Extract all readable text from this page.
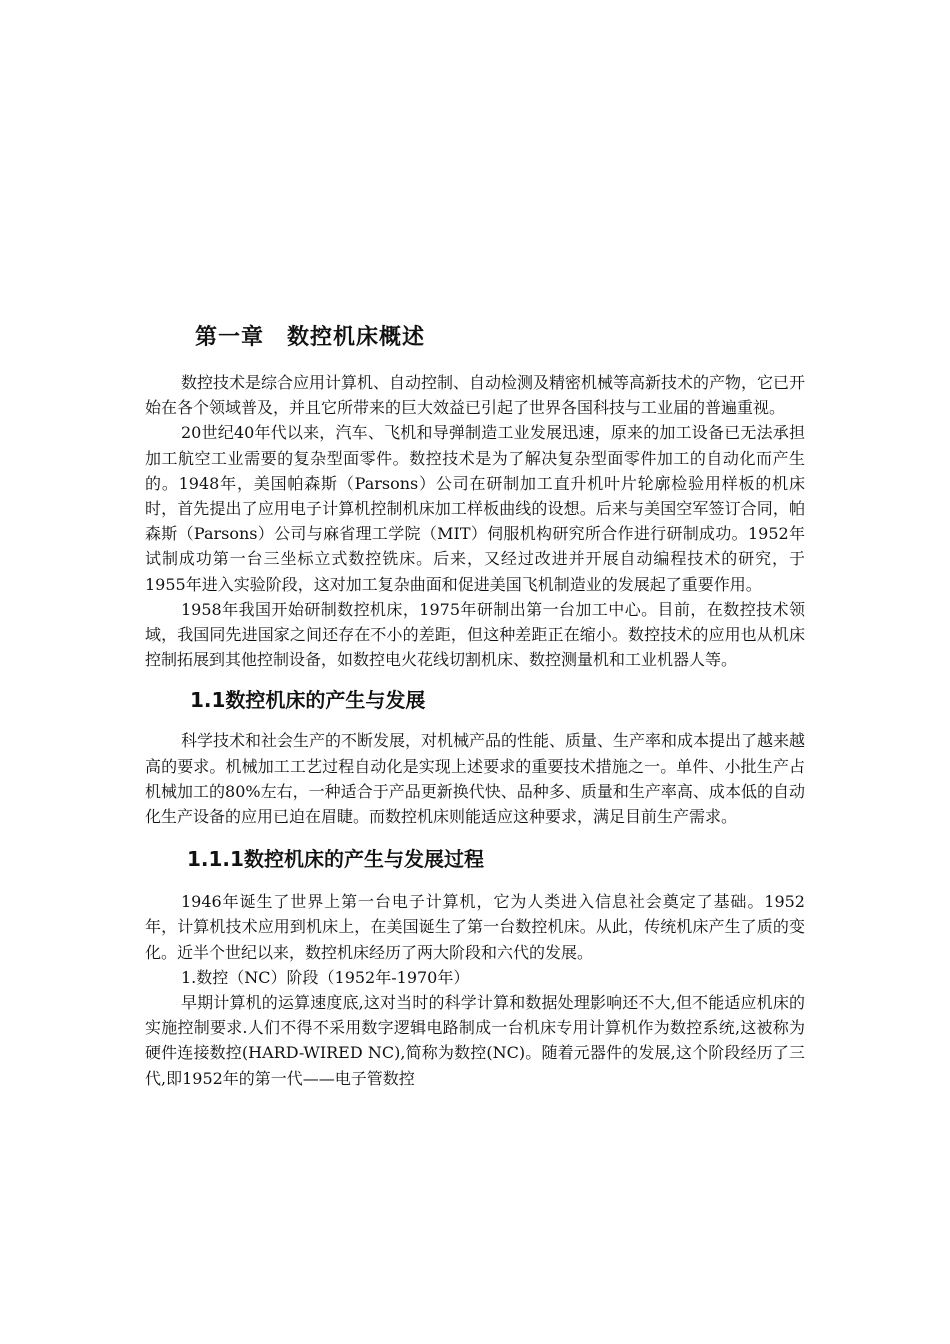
第一章　数控机床概述

数控技术是综合应用计算机、自动控制、自动检测及精密机械等高新技术的产物，它已开始在各个领域普及，并且它所带来的巨大效益已引起了世界各国科技与工业届的普遍重视。

20世纪40年代以来，汽车、飞机和导弹制造工业发展迅速，原来的加工设备已无法承担加工航空工业需要的复杂型面零件。数控技术是为了解决复杂型面零件加工的自动化而产生的。1948年，美国帕森斯（Parsons）公司在研制加工直升机叶片轮廓检验用样板的机床时，首先提出了应用电子计算机控制机床加工样板曲线的设想。后来与美国空军签订合同，帕森斯（Parsons）公司与麻省理工学院（MIT）伺服机构研究所合作进行研制成功。1952年试制成功第一台三坐标立式数控铣床。后来，又经过改进并开展自动编程技术的研究，于1955年进入实验阶段，这对加工复杂曲面和促进美国飞机制造业的发展起了重要作用。

1958年我国开始研制数控机床，1975年研制出第一台加工中心。目前，在数控技术领域，我国同先进国家之间还存在不小的差距，但这种差距正在缩小。数控技术的应用也从机床控制拓展到其他控制设备，如数控电火花线切割机床、数控测量机和工业机器人等。

1.1数控机床的产生与发展

科学技术和社会生产的不断发展，对机械产品的性能、质量、生产率和成本提出了越来越高的要求。机械加工工艺过程自动化是实现上述要求的重要技术措施之一。单件、小批生产占机械加工的80%左右，一种适合于产品更新换代快、品种多、质量和生产率高、成本低的自动化生产设备的应用已迫在眉睫。而数控机床则能适应这种要求，满足目前生产需求。

1.1.1数控机床的产生与发展过程

1946年诞生了世界上第一台电子计算机，它为人类进入信息社会奠定了基础。1952年，计算机技术应用到机床上，在美国诞生了第一台数控机床。从此，传统机床产生了质的变化。近半个世纪以来，数控机床经历了两大阶段和六代的发展。

1.数控（NC）阶段（1952年-1970年）

早期计算机的运算速度底,这对当时的科学计算和数据处理影响还不大,但不能适应机床的实施控制要求.人们不得不采用数字逻辑电路制成一台机床专用计算机作为数控系统,这被称为硬件连接数控(HARD-WIRED NC),简称为数控(NC)。随着元器件的发展,这个阶段经历了三代,即1952年的第一代——电子管数控
